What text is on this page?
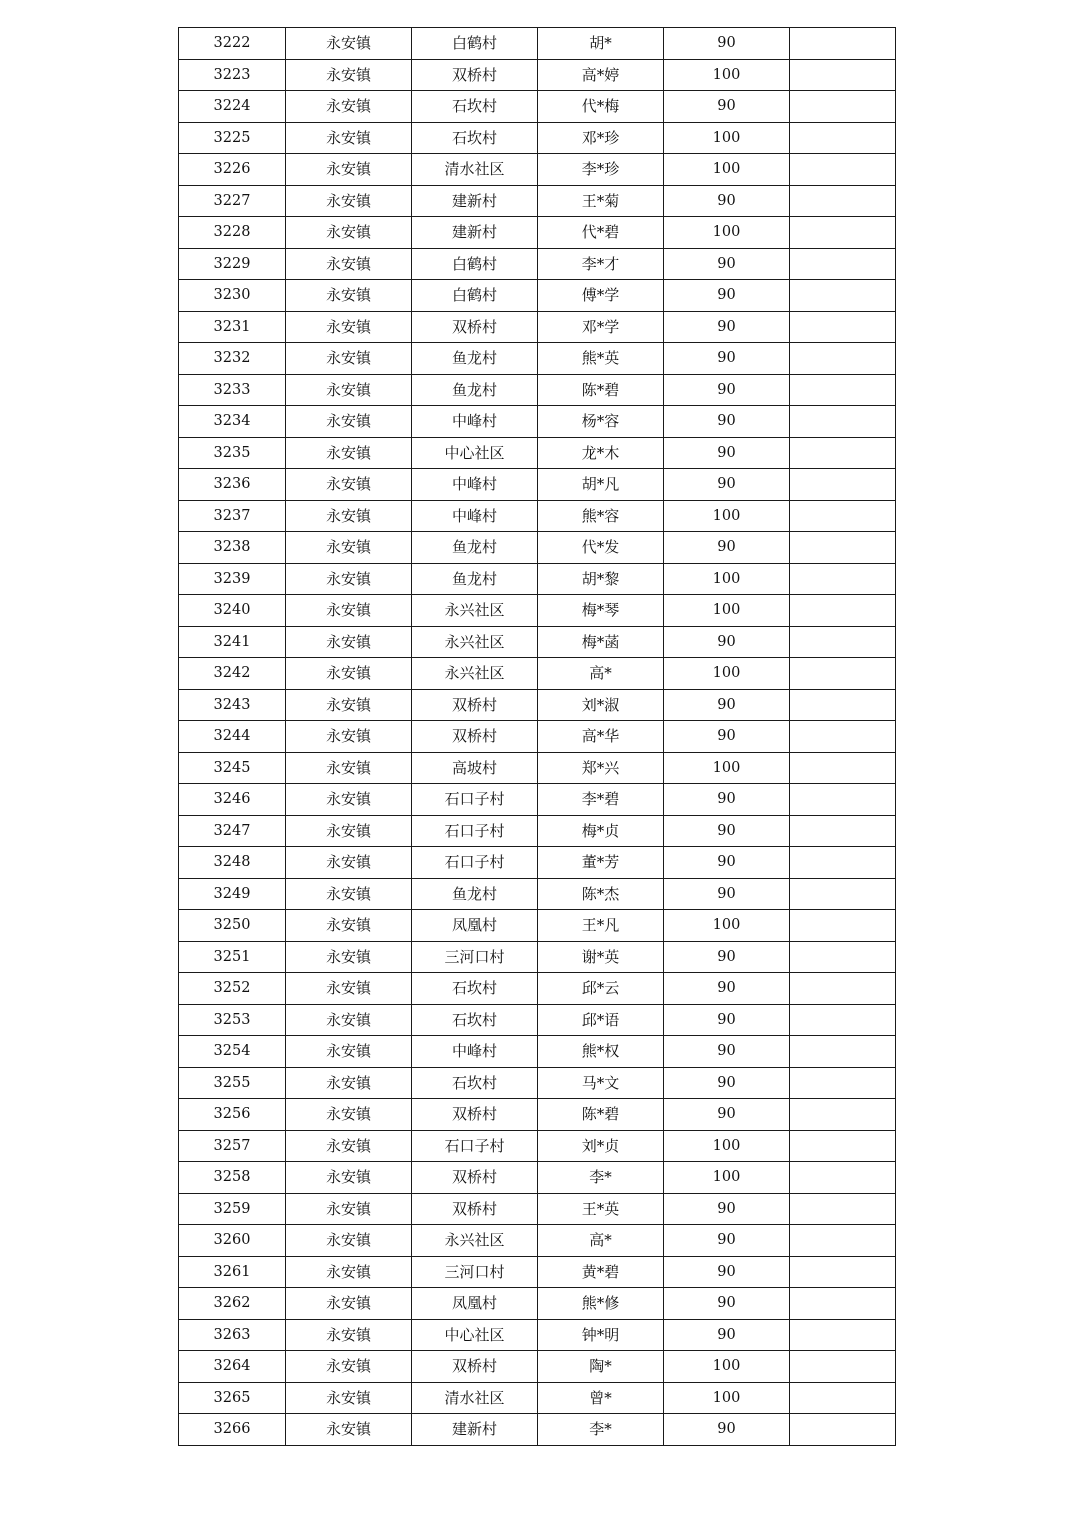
3222	永安镇	白鹤村	胡*	90	
3223	永安镇	双桥村	高*婷	100	
3224	永安镇	石坎村	代*梅	90	
3225	永安镇	石坎村	邓*珍	100	
3226	永安镇	清水社区	李*珍	100	
3227	永安镇	建新村	王*菊	90	
3228	永安镇	建新村	代*碧	100	
3229	永安镇	白鹤村	李*才	90	
3230	永安镇	白鹤村	傅*学	90	
3231	永安镇	双桥村	邓*学	90	
3232	永安镇	鱼龙村	熊*英	90	
3233	永安镇	鱼龙村	陈*碧	90	
3234	永安镇	中峰村	杨*容	90	
3235	永安镇	中心社区	龙*木	90	
3236	永安镇	中峰村	胡*凡	90	
3237	永安镇	中峰村	熊*容	100	
3238	永安镇	鱼龙村	代*发	90	
3239	永安镇	鱼龙村	胡*黎	100	
3240	永安镇	永兴社区	梅*琴	100	
3241	永安镇	永兴社区	梅*菡	90	
3242	永安镇	永兴社区	高*	100	
3243	永安镇	双桥村	刘*淑	90	
3244	永安镇	双桥村	高*华	90	
3245	永安镇	高坡村	郑*兴	100	
3246	永安镇	石口子村	李*碧	90	
3247	永安镇	石口子村	梅*贞	90	
3248	永安镇	石口子村	董*芳	90	
3249	永安镇	鱼龙村	陈*杰	90	
3250	永安镇	凤凰村	王*凡	100	
3251	永安镇	三河口村	谢*英	90	
3252	永安镇	石坎村	邱*云	90	
3253	永安镇	石坎村	邱*语	90	
3254	永安镇	中峰村	熊*权	90	
3255	永安镇	石坎村	马*文	90	
3256	永安镇	双桥村	陈*碧	90	
3257	永安镇	石口子村	刘*贞	100	
3258	永安镇	双桥村	李*	100	
3259	永安镇	双桥村	王*英	90	
3260	永安镇	永兴社区	高*	90	
3261	永安镇	三河口村	黄*碧	90	
3262	永安镇	凤凰村	熊*修	90	
3263	永安镇	中心社区	钟*明	90	
3264	永安镇	双桥村	陶*	100	
3265	永安镇	清水社区	曾*	100	
3266	永安镇	建新村	李*	90	
